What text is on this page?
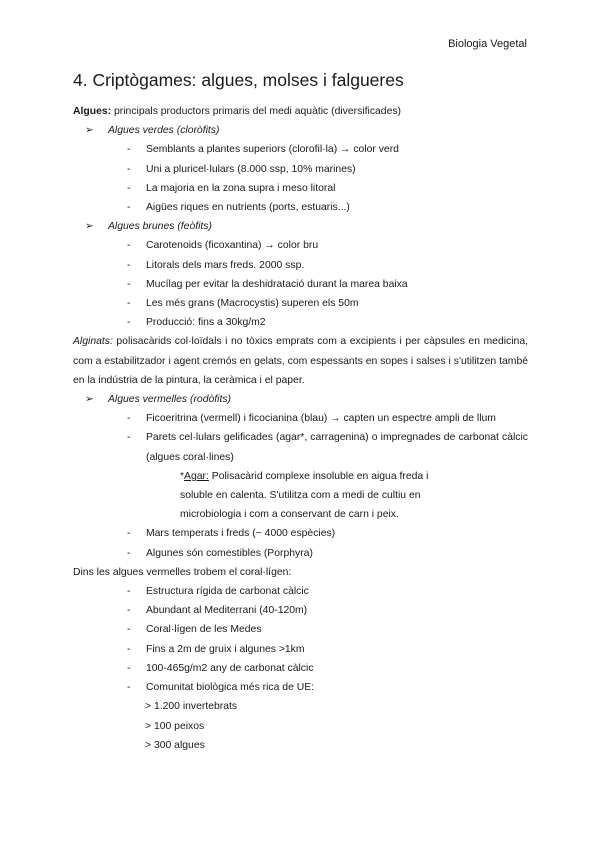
Biologia Vegetal
4. Criptògames: algues, molses i falgueres

Algues: principals productors primaris del medi aquàtic (diversificades)

➢	Algues verdes (cloròfits)
-	Semblants a plantes superiors (clorofil·la) → color verd
-	Uni a pluricel·lulars (8.000 ssp, 10% marines)
-	La majoria en la zona supra i meso litoral
-	Aigües riques en nutrients (ports, estuaris...)
➢	Algues brunes (feòfits)
-	Carotenoids (ficoxantina) → color bru
-	Litorals dels mars freds. 2000 ssp.
-	Mucílag per evitar la deshidratació durant la marea baixa
-	Les més grans (Macrocystis) superen els 50m
-	Producció: fins a 30kg/m2

Alginats: polisacàrids col·loïdals i no tòxics emprats com a excipients i per càpsules en medicina, com a estabilitzador i agent cremós en gelats, com espessants en sopes i salses i s'utilitzen també en la indústria de la pintura, la ceràmica i el paper.

➢	Algues vermelles (rodòfits)
-	Ficoeritrina (vermell) i ficocianina (blau) → capten un espectre ampli de llum
-	Parets cel·lulars gelificades (agar*, carragenina) o impregnades de carbonat càlcic (algues coral·lines)
*Agar: Polisacàrid complexe insoluble en aigua freda i
soluble en calenta. S'utilitza com a medi de cultiu en
microbiologia i com a conservant de carn i peix.
-	Mars temperats i freds (~ 4000 espècies)
-	Algunes són comestibles (Porphyra)

Dins les algues vermelles trobem el coral·lígen:

-	Estructura rígida de carbonat càlcic
-	Abundant al Mediterrani (40-120m)
-	Coral·lígen de les Medes
-	Fins a 2m de gruix i algunes >1km
-	100-465g/m2 any de carbonat càlcic
-	Comunitat biològica més rica de UE:
> 1.200 invertebrats
> 100 peixos
> 300 algues
